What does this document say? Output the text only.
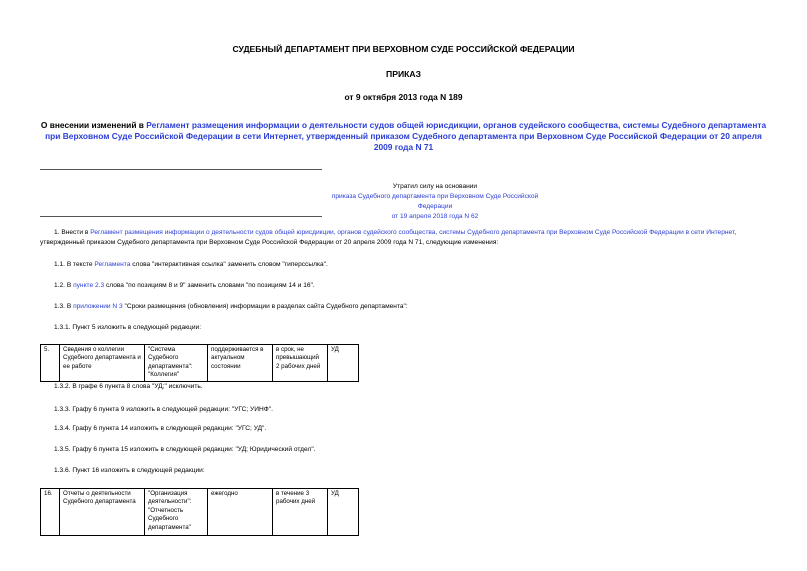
СУДЕБНЫЙ ДЕПАРТАМЕНТ ПРИ ВЕРХОВНОМ СУДЕ РОССИЙСКОЙ ФЕДЕРАЦИИ
ПРИКАЗ
от 9 октября 2013 года N 189
О внесении изменений в Регламент размещения информации о деятельности судов общей юрисдикции, органов судейского сообщества, системы Судебного департамента при Верховном Суде Российской Федерации в сети Интернет, утвержденный приказом Судебного департамента при Верховном Суде Российской Федерации от 20 апреля 2009 года N 71
Утратил силу на основании
приказа Судебного департамента при Верховном Суде Российской Федерации
от 19 апреля 2018 года N 62
1. Внести в Регламент размещения информации о деятельности судов общей юрисдикции, органов судейского сообщества, системы Судебного департамента при Верховном Суде Российской Федерации в сети Интернет, утвержденный приказом Судебного департамента при Верховном Суде Российской Федерации от 20 апреля 2009 года N 71, следующие изменения:
1.1. В тексте Регламента слова "интерактивная ссылка" заменить словом "гиперссылка".
1.2. В пункте 2.3 слова "по позициям 8 и 9" заменить словами "по позициям 14 и 16".
1.3. В приложении N 3 "Сроки размещения (обновления) информации в разделах сайта Судебного департамента":
1.3.1. Пункт 5 изложить в следующей редакции:
5.	Сведения о коллегии Судебного департамента и ее работе	"Система Судебного департамента": "Коллегия"	поддерживается в актуальном состоянии	в срок, не превышающий 2 рабочих дней	УД
1.3.2. В графе 6 пункта 8 слова "УД;" исключить.
1.3.3. Графу 6 пункта 9 изложить в следующей редакции: "УГС; УИНФ".
1.3.4. Графу 6 пункта 14 изложить в следующей редакции: "УГС; УД".
1.3.5. Графу 6 пункта 15 изложить в следующей редакции: "УД; Юридический отдел".
1.3.6. Пункт 16 изложить в следующей редакции:
16.	Отчеты о деятельности Судебного департамента	"Организация деятельности": "Отчетность Судебного департамента"	ежегодно	в течение 3 рабочих дней	УД
